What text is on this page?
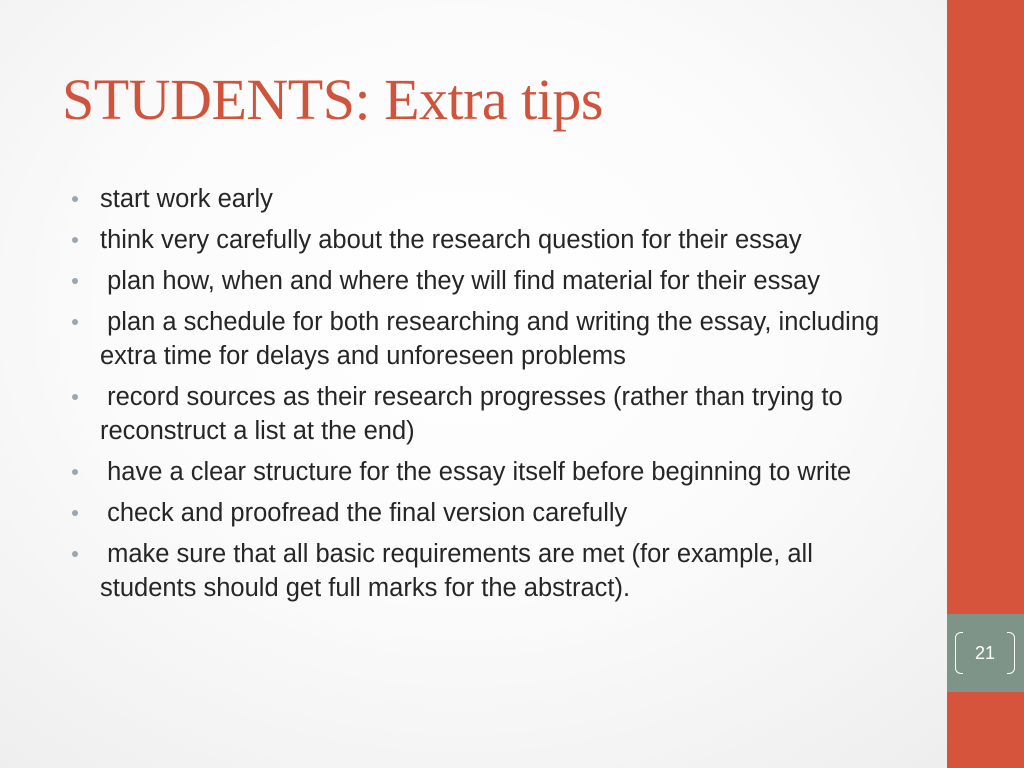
21
STUDENTS: Extra tips
start work early
think very carefully about the research question for their essay
plan how, when and where they will find material for their essay
plan a schedule for both researching and writing the essay, including extra time for delays and unforeseen problems
record sources as their research progresses (rather than trying to reconstruct a list at the end)
have a clear structure for the essay itself before beginning to write
check and proofread the final version carefully
make sure that all basic requirements are met (for example, all students should get full marks for the abstract).
